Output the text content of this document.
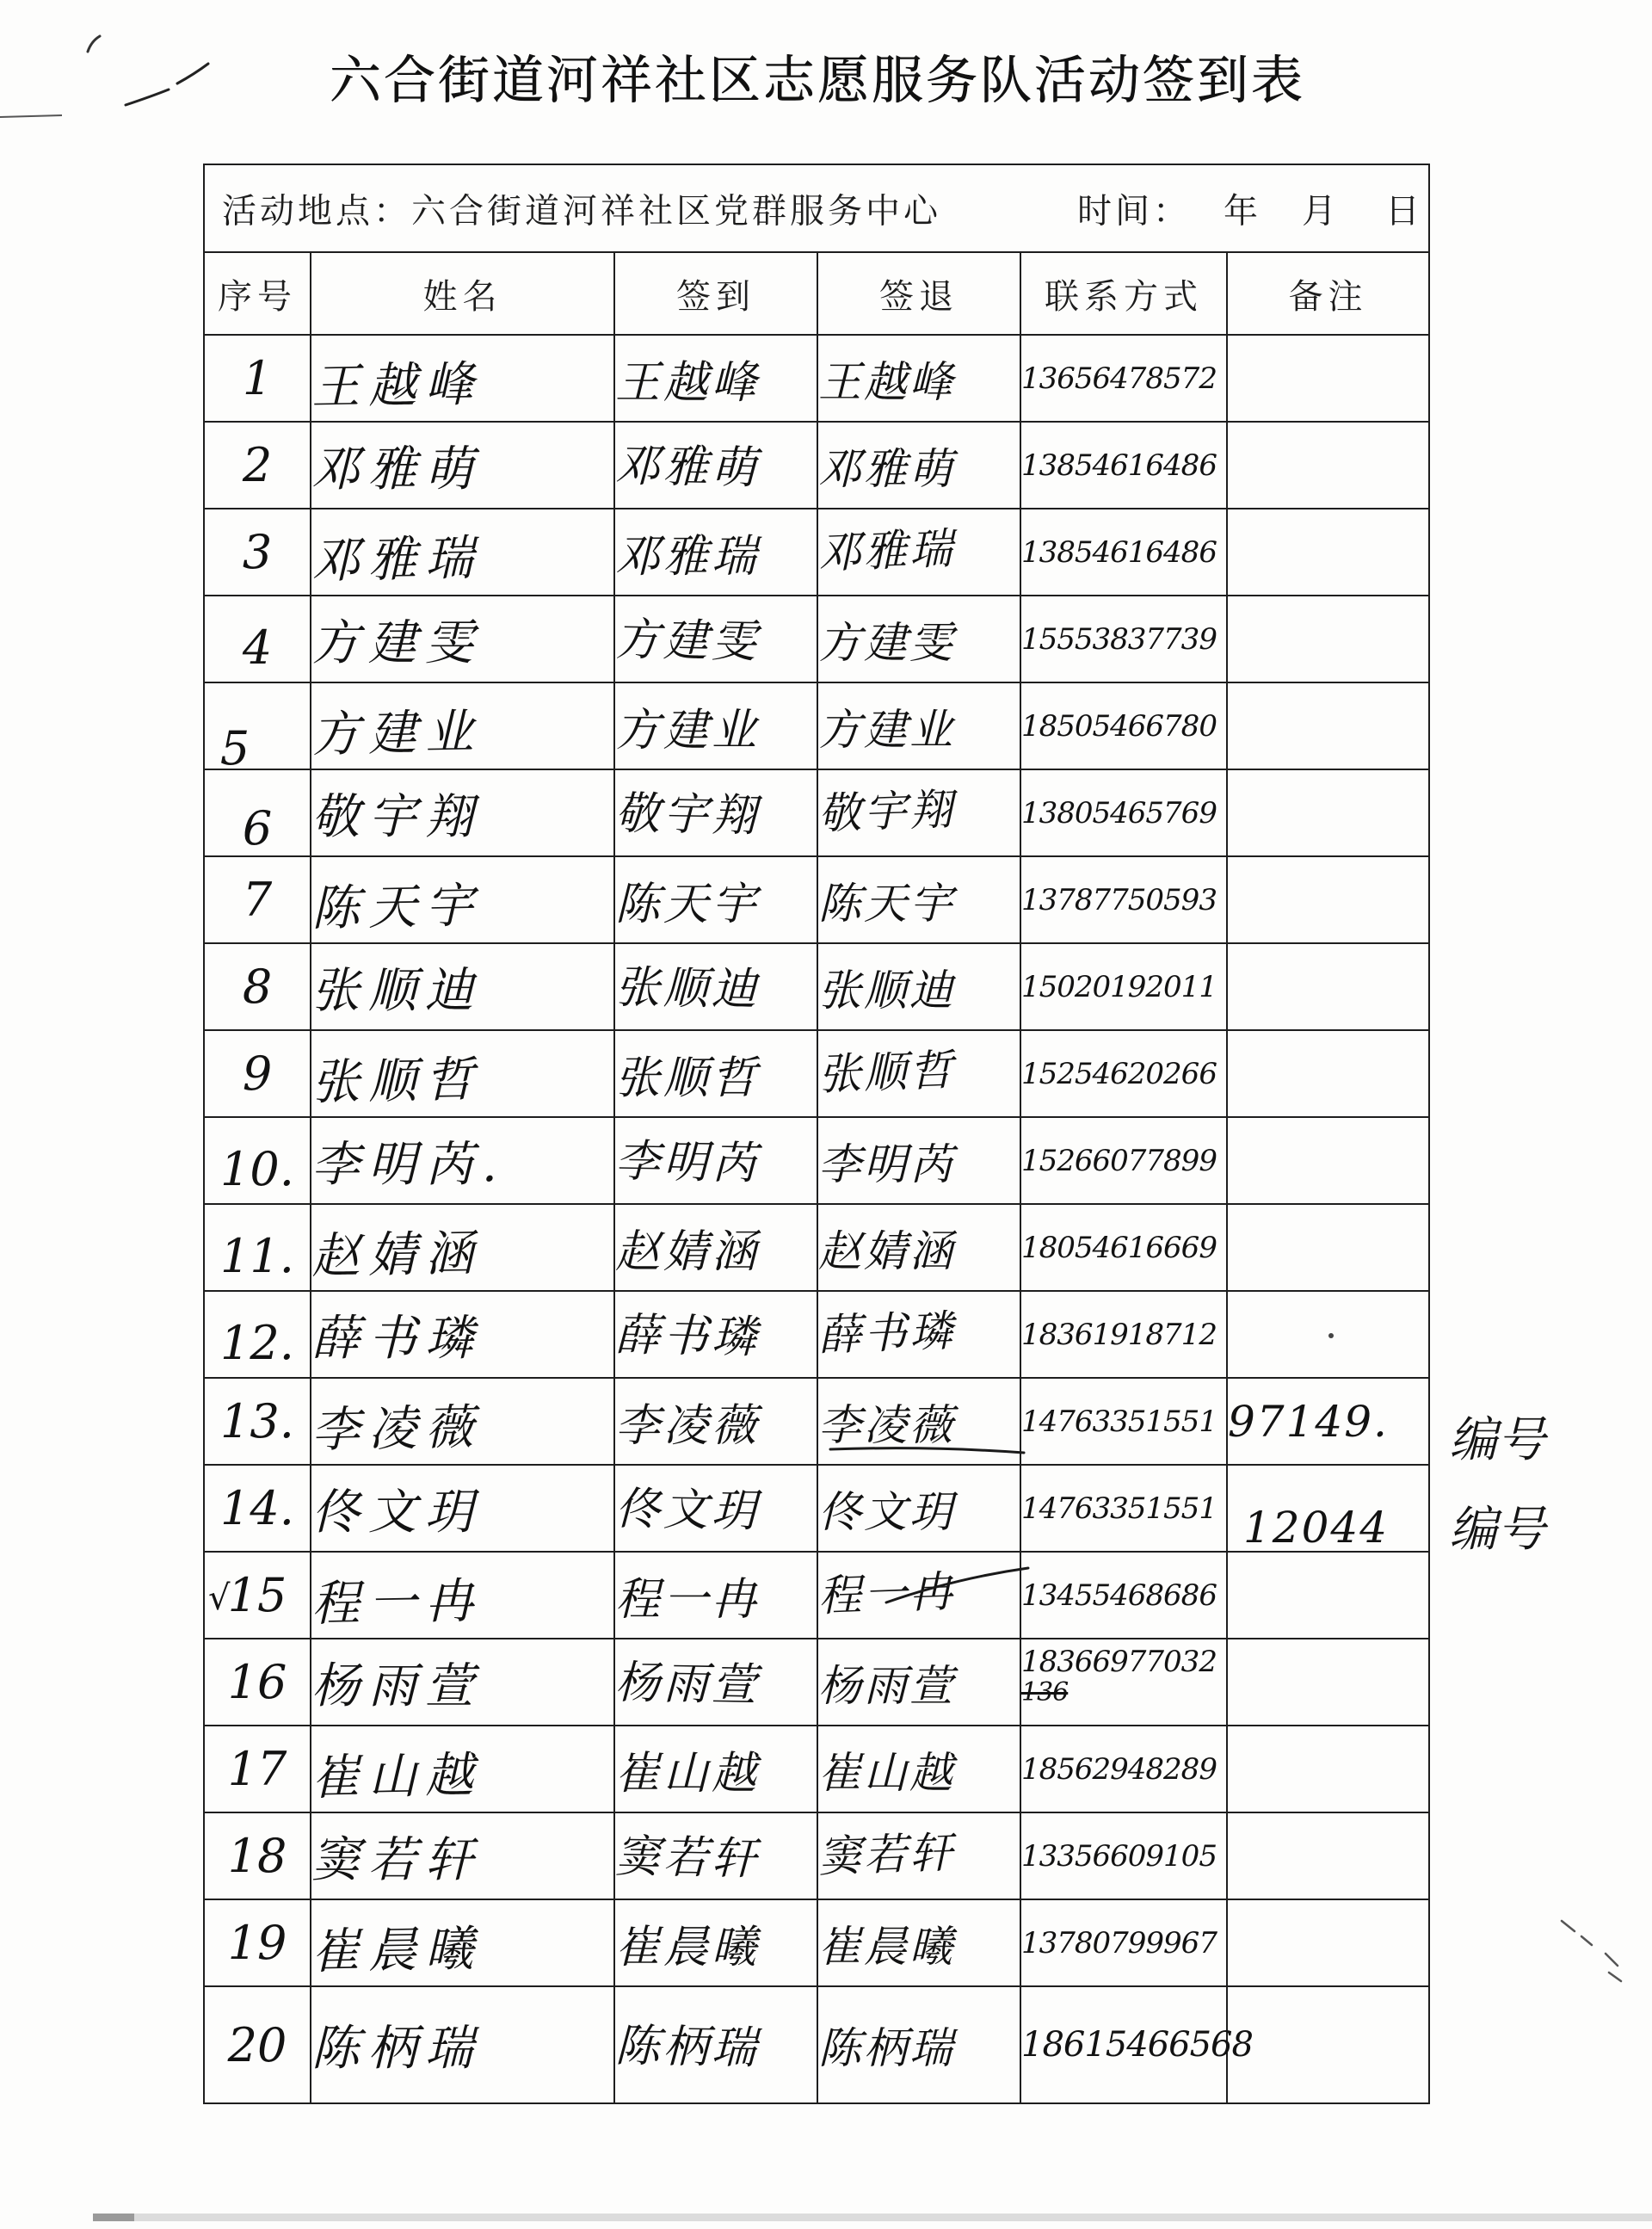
六合街道河祥社区志愿服务队活动签到表
活动地点：六合街道河祥社区党群服务中心 时间： 年 月 日					

序号	姓名	签到	签退	联系方式	备注
1	王越峰	王越峰	王越峰	13656478572	
2	邓雅萌	邓雅萌	邓雅萌	13854616486	
3	邓雅瑞	邓雅瑞	邓雅瑞	13854616486	
4	方建雯	方建雯	方建雯	15553837739	
5	方建业	方建业	方建业	18505466780	
6	敬宇翔	敬宇翔	敬宇翔	13805465769	
7	陈天宇	陈天宇	陈天宇	13787750593	
8	张顺迪	张顺迪	张顺迪	15020192011	
9	张顺哲	张顺哲	张顺哲	15254620266	
10.	李明芮.	李明芮	李明芮	15266077899	
11.	赵婧涵	赵婧涵	赵婧涵	18054616669	
12.	薛书璘	薛书璘	薛书璘	18361918712	
13.	李凌薇	李凌薇	李凌薇	14763351551	97149.
14.	佟文玥	佟文玥	佟文玥	14763351551	12044

√
15	程一冉	程一冉	程一冉	13455468686	
16	杨雨萱	杨雨萱	杨雨萱	18366977032
136	

17	崔山越	崔山越	崔山越	18562948289	
18	窦若轩	窦若轩	窦若轩	13356609105	
19	崔晨曦	崔晨曦	崔晨曦	13780799967	
20	陈柄瑞	陈柄瑞	陈柄瑞	18615466568	
编号
编号
